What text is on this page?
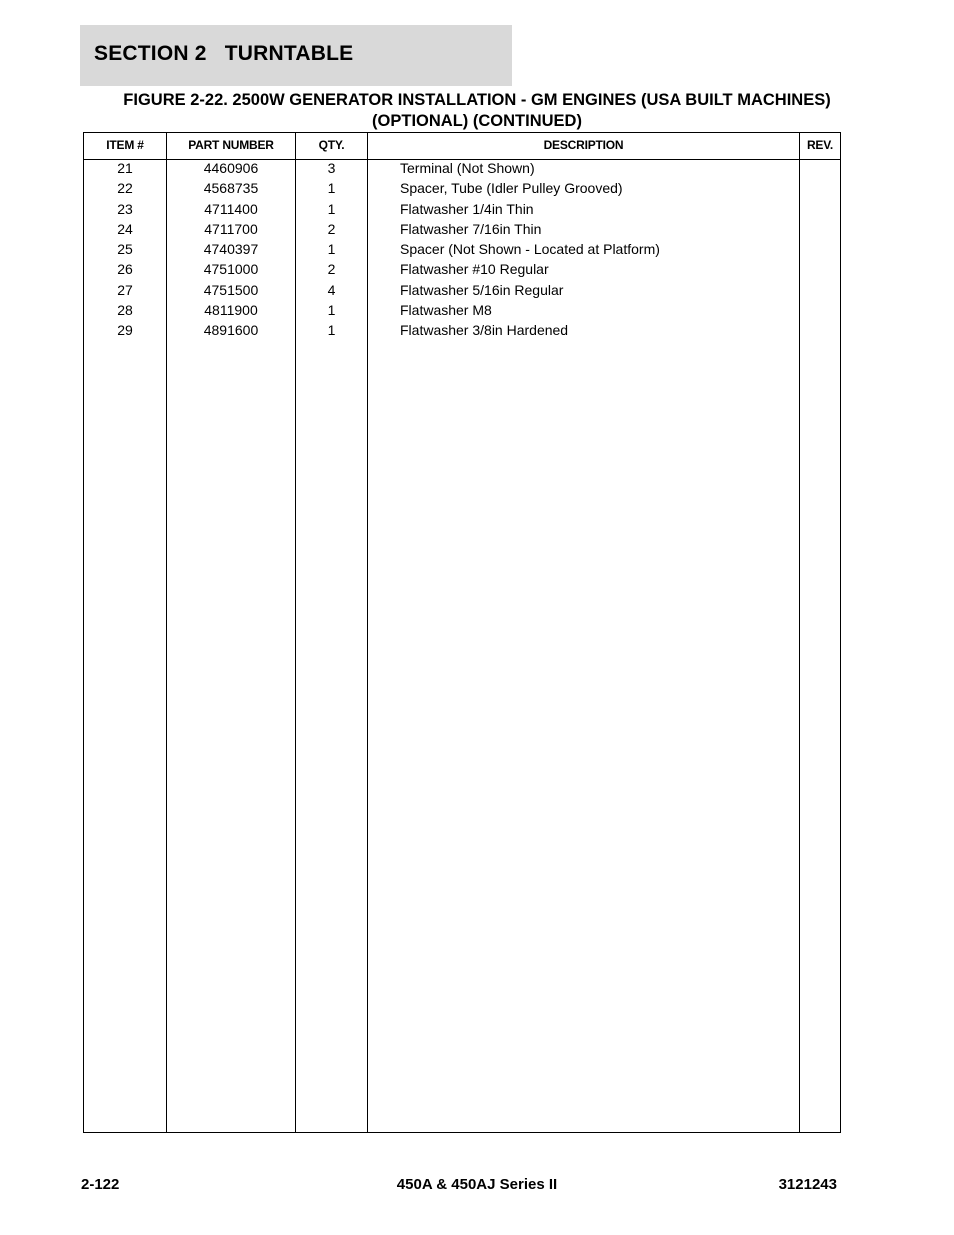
SECTION 2   TURNTABLE
FIGURE 2-22. 2500W GENERATOR INSTALLATION - GM ENGINES (USA BUILT MACHINES)
(OPTIONAL) (CONTINUED)
ITEM #	PART NUMBER	QTY.	DESCRIPTION	REV.
21	4460906	3	Terminal (Not Shown)
22	4568735	1	Spacer, Tube (Idler Pulley Grooved)
23	4711400	1	Flatwasher 1/4in Thin
24	4711700	2	Flatwasher 7/16in Thin
25	4740397	1	Spacer (Not Shown - Located at Platform)
26	4751000	2	Flatwasher #10 Regular
27	4751500	4	Flatwasher 5/16in Regular
28	4811900	1	Flatwasher M8
29	4891600	1	Flatwasher 3/8in Hardened
2-122	450A & 450AJ Series II	3121243
